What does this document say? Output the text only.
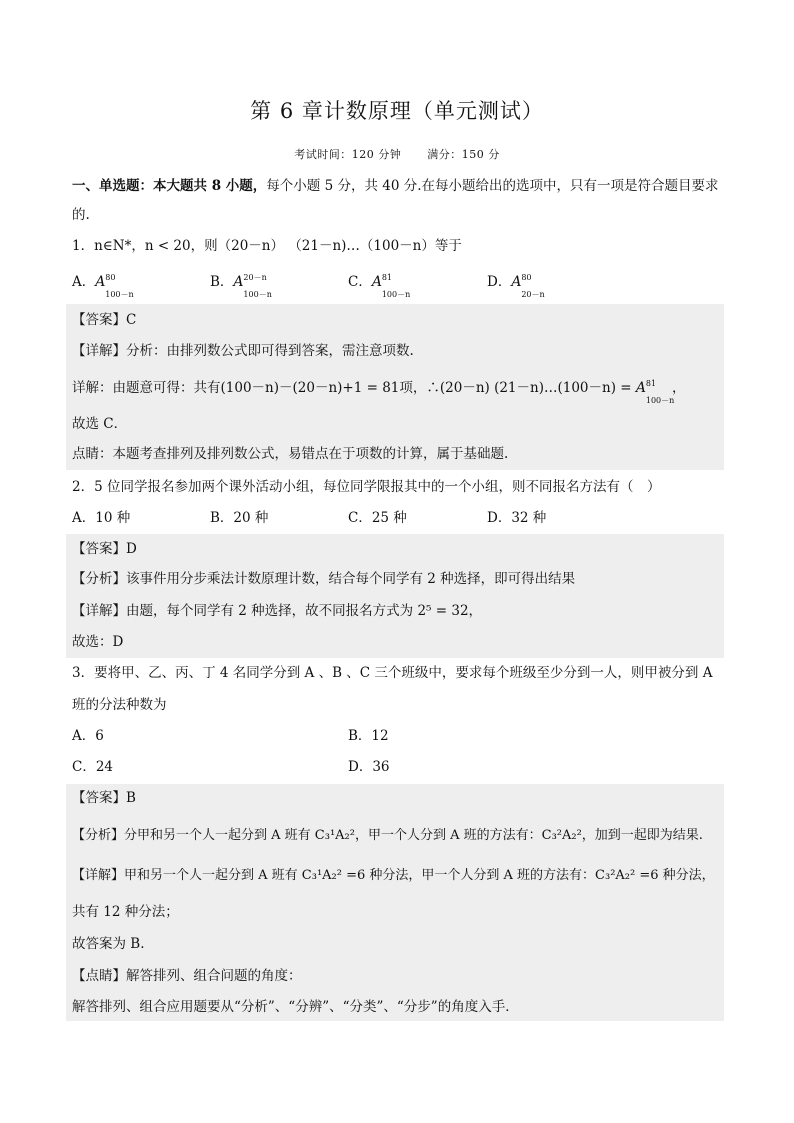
第 6 章计数原理（单元测试）
考试时间：120 分钟 满分：150 分
一、单选题：本大题共 8 小题，每个小题 5 分，共 40 分.在每小题给出的选项中，只有一项是符合题目要求
的.
1．n∈N*，n < 20，则（20－n） （21－n)…（100－n）等于
A．A 80
100－n
B．A 20－n
100－n
C．A 81
100－n
D．A 80
20－n
【答案】C
【详解】分析：由排列数公式即可得到答案，需注意项数.
详解：由题意可得：共有(100－n)－(20－n)+1 = 81项，∴(20－n) (21－n)…(100－n) = A 81
100－n
，
故选 C．
点睛：本题考查排列及排列数公式，易错点在于项数的计算，属于基础题.
2．5 位同学报名参加两个课外活动小组，每位同学限报其中的一个小组，则不同报名方法有（　）
A．10 种	B．20 种	C．25 种	D．32 种
【答案】D
【分析】该事件用分步乘法计数原理计数，结合每个同学有 2 种选择，即可得出结果
【详解】由题，每个同学有 2 种选择，故不同报名方式为 2⁵ = 32，
故选：D
3．要将甲、乙、丙、丁 4 名同学分到 A 、B 、C 三个班级中，要求每个班级至少分到一人，则甲被分到 A
班的分法种数为
A．6	B．12
C．24	D．36
【答案】B
【分析】分甲和另一个人一起分到 A 班有 C₃¹A₂²，甲一个人分到 A 班的方法有：C₃²A₂²，加到一起即为结果.
【详解】甲和另一个人一起分到 A 班有 C₃¹A₂² =6 种分法，甲一个人分到 A 班的方法有：C₃²A₂² =6 种分法，
共有 12 种分法；
故答案为 B.
【点睛】解答排列、组合问题的角度：
解答排列、组合应用题要从“分析”、“分辨”、“分类”、“分步”的角度入手．
